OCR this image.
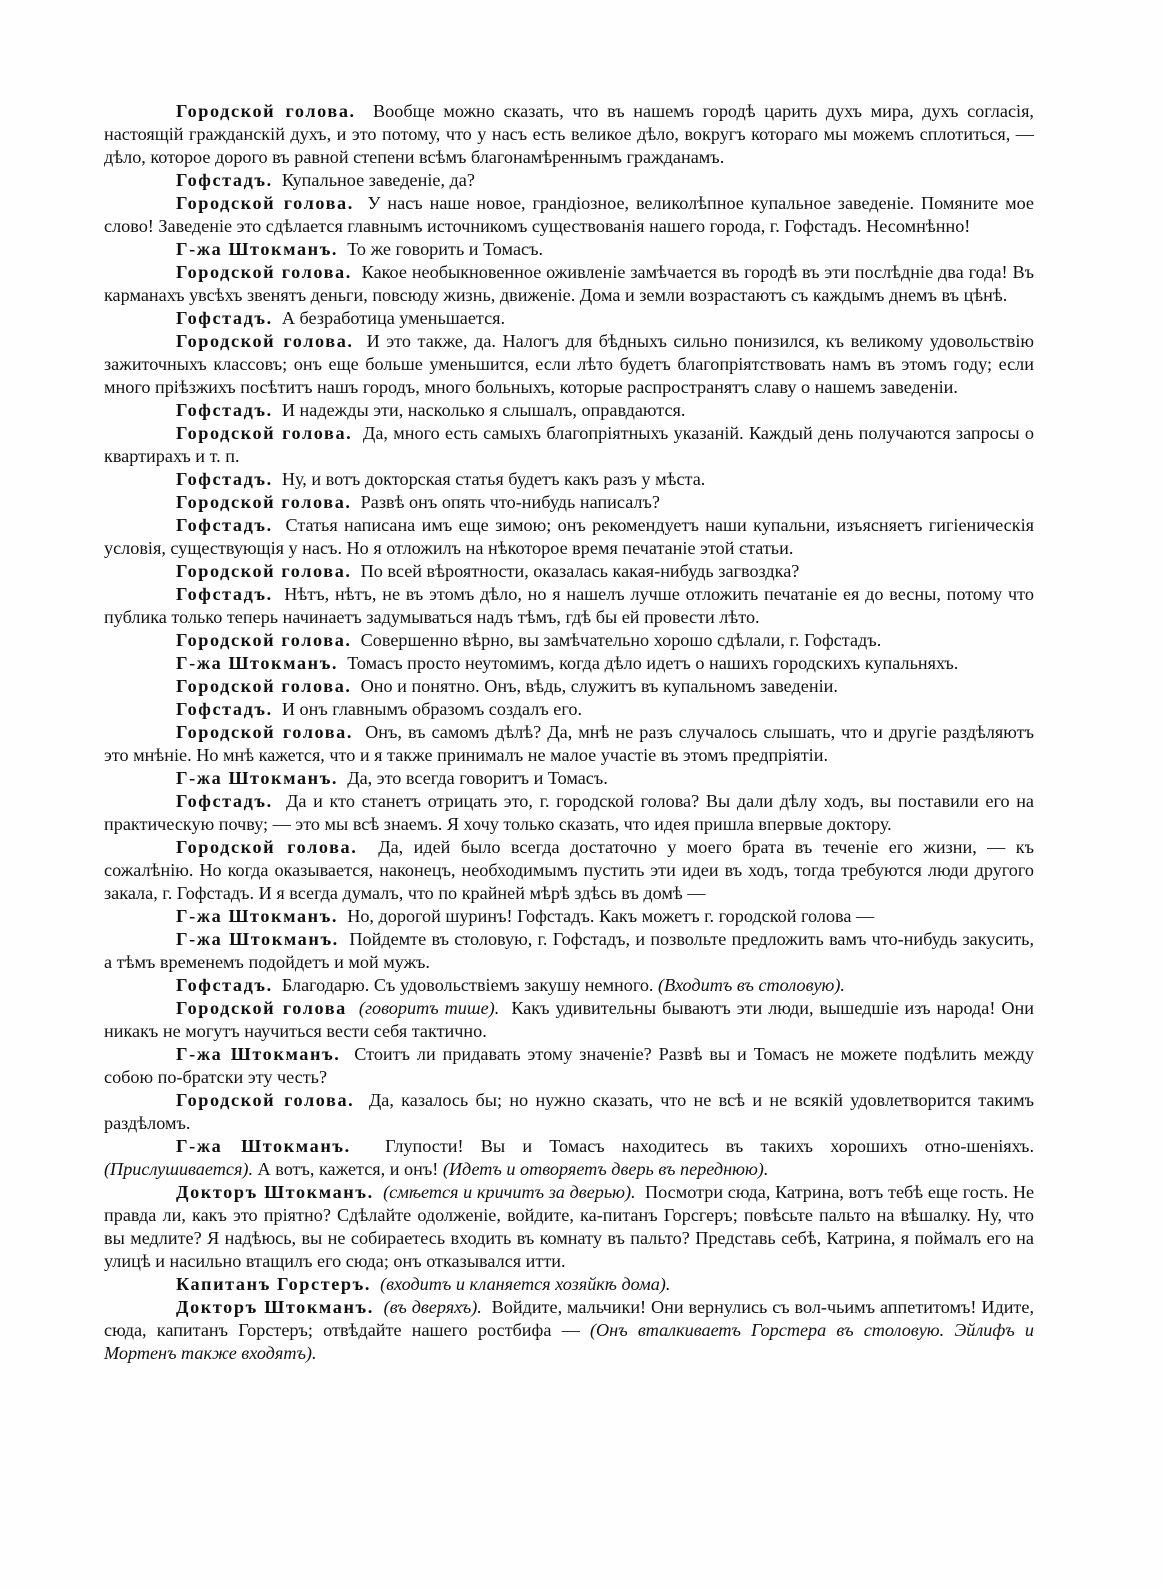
Городской голова. Вообще можно сказать, что въ нашемъ городѣ царить духъ мира, духъ согласія, настоящій гражданскій духъ, и это потому, что у насъ есть великое дѣло, вокругъ котораго мы можемъ сплотиться, — дѣло, которое дорого въ равной степени всѣмъ благонамѣреннымъ гражданамъ.

Гофстадъ. Купальное заведеніе, да?

Городской голова. У насъ наше новое, грандіозное, великолѣпное купальное заведеніе. Помяните мое слово! Заведеніе это сдѣлается главнымъ источникомъ существованія нашего города, г. Гофстадъ. Несомнѣнно!

Г-жа Штокманъ. То же говорить и Томасъ.

Городской голова. Какое необыкновенное оживленіе замѣчается въ городѣ въ эти послѣдніе два года! Въ карманахъ увсѣхъ звенятъ деньги, повсюду жизнь, движеніе. Дома и земли возрастаютъ съ каждымъ днемъ въ цѣнѣ.

Гофстадъ. А безработица уменьшается.

Городской голова. И это также, да. Налогъ для бѣдныхъ сильно понизился, къ великому удовольствію зажиточныхъ классовъ; онъ еще больше уменьшится, если лѣто будетъ благопріятствовать намъ въ этомъ году; если много пріѣзжихъ посѣтитъ нашъ городъ, много больныхъ, которые распространятъ славу о нашемъ заведеніи.

Гофстадъ. И надежды эти, насколько я слышалъ, оправдаются.

Городской голова. Да, много есть самыхъ благопріятныхъ указаній. Каждый день получаются запросы о квартирахъ и т. п.

Гофстадъ. Ну, и вотъ докторская статья будетъ какъ разъ у мѣста.

Городской голова. Развѣ онъ опять что-нибудь написалъ?

Гофстадъ. Статья написана имъ еще зимою; онъ рекомендуетъ наши купальни, изъясняетъ гигіеническія условія, существующія у насъ. Но я отложилъ на нѣкоторое время печатаніе этой статьи.

Городской голова. По всей вѣроятности, оказалась какая-нибудь загвоздка?

Гофстадъ. Нѣтъ, нѣтъ, не въ этомъ дѣло, но я нашелъ лучше отложить печатаніе ея до весны, потому что публика только теперь начинаетъ задумываться надъ тѣмъ, гдѣ бы ей провести лѣто.

Городской голова. Совершенно вѣрно, вы замѣчательно хорошо сдѣлали, г. Гофстадъ.

Г-жа Штокманъ. Томасъ просто неутомимъ, когда дѣло идетъ о нашихъ городскихъ купальняхъ.

Городской голова. Оно и понятно. Онъ, вѣдь, служитъ въ купальномъ заведеніи.

Гофстадъ. И онъ главнымъ образомъ создалъ его.

Городской голова. Онъ, въ самомъ дѣлѣ? Да, мнѣ не разъ случалось слышать, что и другіе раздѣляютъ это мнѣніе. Но мнѣ кажется, что и я также принималъ не малое участіе въ этомъ предпріятіи.

Г-жа Штокманъ. Да, это всегда говоритъ и Томасъ.

Гофстадъ. Да и кто станетъ отрицать это, г. городской голова? Вы дали дѣлу ходъ, вы поставили его на практическую почву; — это мы всѣ знаемъ. Я хочу только сказать, что идея пришла впервые доктору.

Городской голова. Да, идей было всегда достаточно у моего брата въ теченіе его жизни, — къ сожалѣнію. Но когда оказывается, наконецъ, необходимымъ пустить эти идеи въ ходъ, тогда требуются люди другого закала, г. Гофстадъ. И я всегда думалъ, что по крайней мѣрѣ здѣсь въ домѣ —

Г-жа Штокманъ. Но, дорогой шуринъ! Гофстадъ. Какъ можетъ г. городской голова —

Г-жа Штокманъ. Пойдемте въ столовую, г. Гофстадъ, и позвольте предложить вамъ что-нибудь закусить, а тѣмъ временемъ подойдетъ и мой мужъ.

Гофстадъ. Благодарю. Съ удовольствіемъ закушу немного. (Входитъ въ столовую).

Городской голова (говоритъ тише). Какъ удивительны бываютъ эти люди, вышедшіе изъ народа! Они никакъ не могутъ научиться вести себя тактично.

Г-жа Штокманъ. Стоитъ ли придавать этому значеніе? Развѣ вы и Томасъ не можете подѣлить между собою по-братски эту честь?

Городской голова. Да, казалось бы; но нужно сказать, что не всѣ и не всякій удовлетворится такимъ раздѣломъ.

Г-жа Штокманъ. Глупости! Вы и Томасъ находитесь въ такихъ хорошихъ отно-шеніяхъ. (Прислушивается). А вотъ, кажется, и онъ! (Идетъ и отворяетъ дверь въ переднюю).

Докторъ Штокманъ. (смѣется и кричитъ за дверью). Посмотри сюда, Катрина, вотъ тебѣ еще гость. Не правда ли, какъ это пріятно? Сдѣлайте одолженіе, войдите, ка-питанъ Горсгеръ; повѣсьте пальто на вѣшалку. Ну, что вы медлите? Я надѣюсь, вы не собираетесь входить въ комнату въ пальто? Представь себѣ, Катрина, я поймалъ его на улицѣ и насильно втащилъ его сюда; онъ отказывался итти.

Капитанъ Горстеръ. (входитъ и кланяется хозяйкѣ дома).

Докторъ Штокманъ. (въ дверяхъ). Войдите, мальчики! Они вернулись съ вол-чьимъ аппетитомъ! Идите, сюда, капитанъ Горстеръ; отвѣдайте нашего ростбифа — (Онъ вталкиваетъ Горстера въ столовую. Эйлифъ и Мортенъ также входятъ).
